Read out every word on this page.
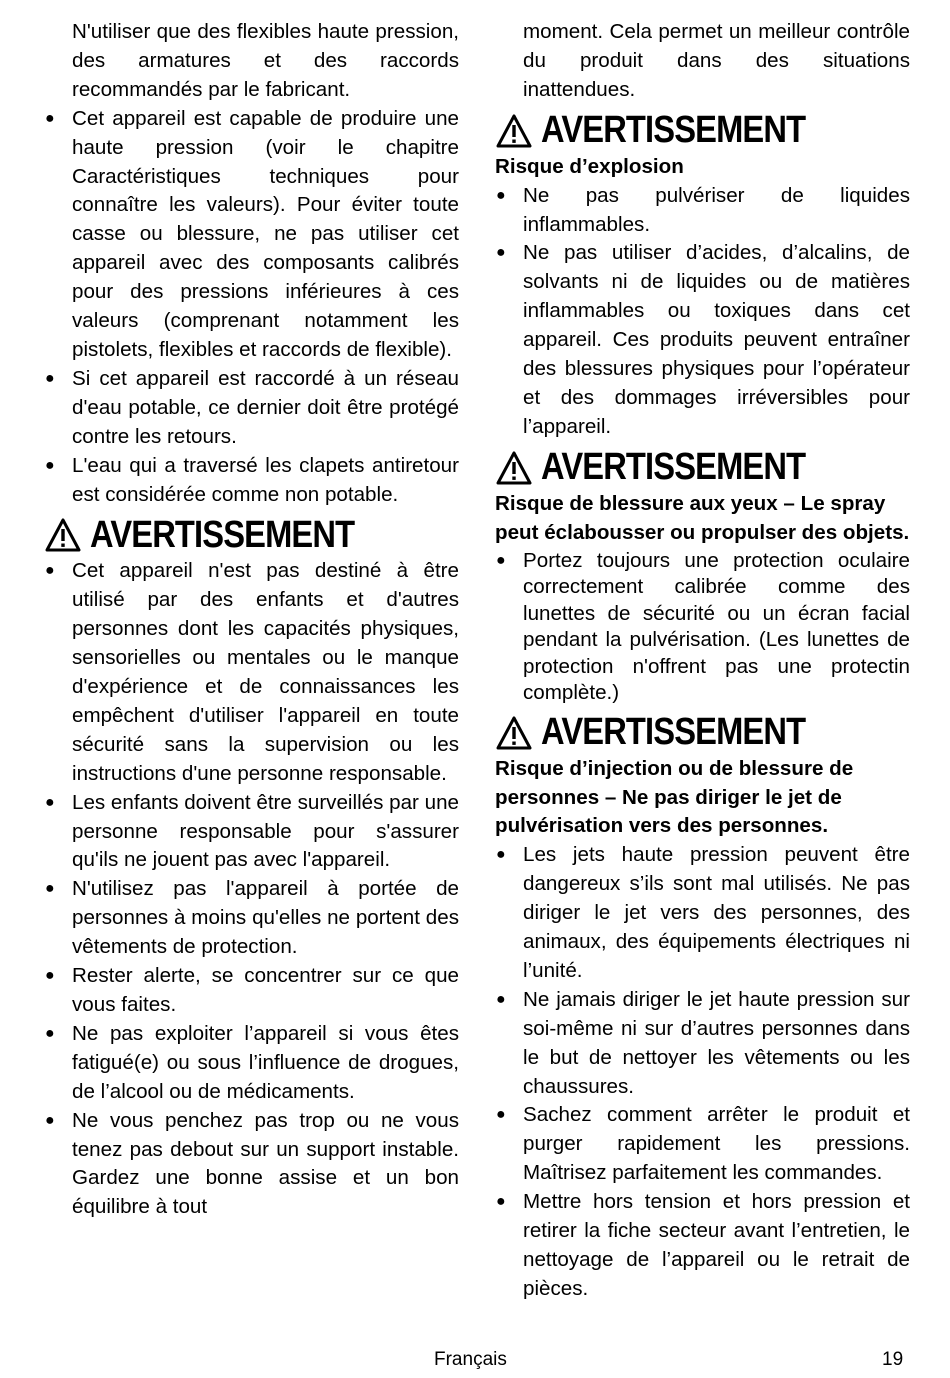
N'utiliser que des flexibles haute pression, des armatures et des raccords recommandés par le fabricant.

● Cet appareil est capable de produire une haute pression (voir le chapitre Caractéristiques techniques pour connaître les valeurs). Pour éviter toute casse ou blessure, ne pas utiliser cet appareil avec des composants calibrés pour des pressions inférieures à ces valeurs (comprenant notamment les pistolets, flexibles et raccords de flexible).
● Si cet appareil est raccordé à un réseau d'eau potable, ce dernier doit être protégé contre les retours.
● L'eau qui a traversé les clapets antiretour est considérée comme non potable.
AVERTISSEMENT
● Cet appareil n'est pas destiné à être utilisé par des enfants et d'autres personnes dont les capacités physiques, sensorielles ou mentales ou le manque d'expérience et de connaissances les empêchent d'utiliser l'appareil en toute sécurité sans la supervision ou les instructions d'une personne responsable.
● Les enfants doivent être surveillés par une personne responsable pour s'assurer qu'ils ne jouent pas avec l'appareil.
● N'utilisez pas l'appareil à portée de personnes à moins qu'elles ne portent des vêtements de protection.
● Rester alerte, se concentrer sur ce que vous faites.
● Ne pas exploiter l’appareil si vous êtes fatigué(e) ou sous l’influence de drogues, de l’alcool ou de médicaments.
● Ne vous penchez pas trop ou ne vous tenez pas debout sur un support instable. Gardez une bonne assise et un bon équilibre à tout

moment. Cela permet un meilleur contrôle du produit dans des situations inattendues.

AVERTISSEMENT

Risque d’explosion

● Ne pas pulvériser de liquides inflammables.
● Ne pas utiliser d’acides, d’alcalins, de solvants ni de liquides ou de matières inflammables ou toxiques dans cet appareil. Ces produits peuvent entraîner des blessures physiques pour l’opérateur et des dommages irréversibles pour l’appareil.
AVERTISSEMENT

Risque de blessure aux yeux – Le spray peut éclabousser ou propulser des objets.

● Portez toujours une protection oculaire correctement calibrée comme des lunettes de sécurité ou un écran facial pendant la pulvérisation. (Les lunettes de protection n'offrent pas une protectin complète.)
AVERTISSEMENT

Risque d’injection ou de blessure de personnes – Ne pas diriger le jet de pulvérisation vers des personnes.

● Les jets haute pression peuvent être dangereux s’ils sont mal utilisés. Ne pas diriger le jet vers des personnes, des animaux, des équipements électriques ni l’unité.
● Ne jamais diriger le jet haute pression sur soi-même ni sur d’autres personnes dans le but de nettoyer les vêtements ou les chaussures.
● Sachez comment arrêter le produit et purger rapidement les pressions. Maîtrisez parfaitement les commandes.
● Mettre hors tension et hors pression et retirer la fiche secteur avant l’entretien, le nettoyage de l’appareil ou le retrait de pièces.
Français	19
